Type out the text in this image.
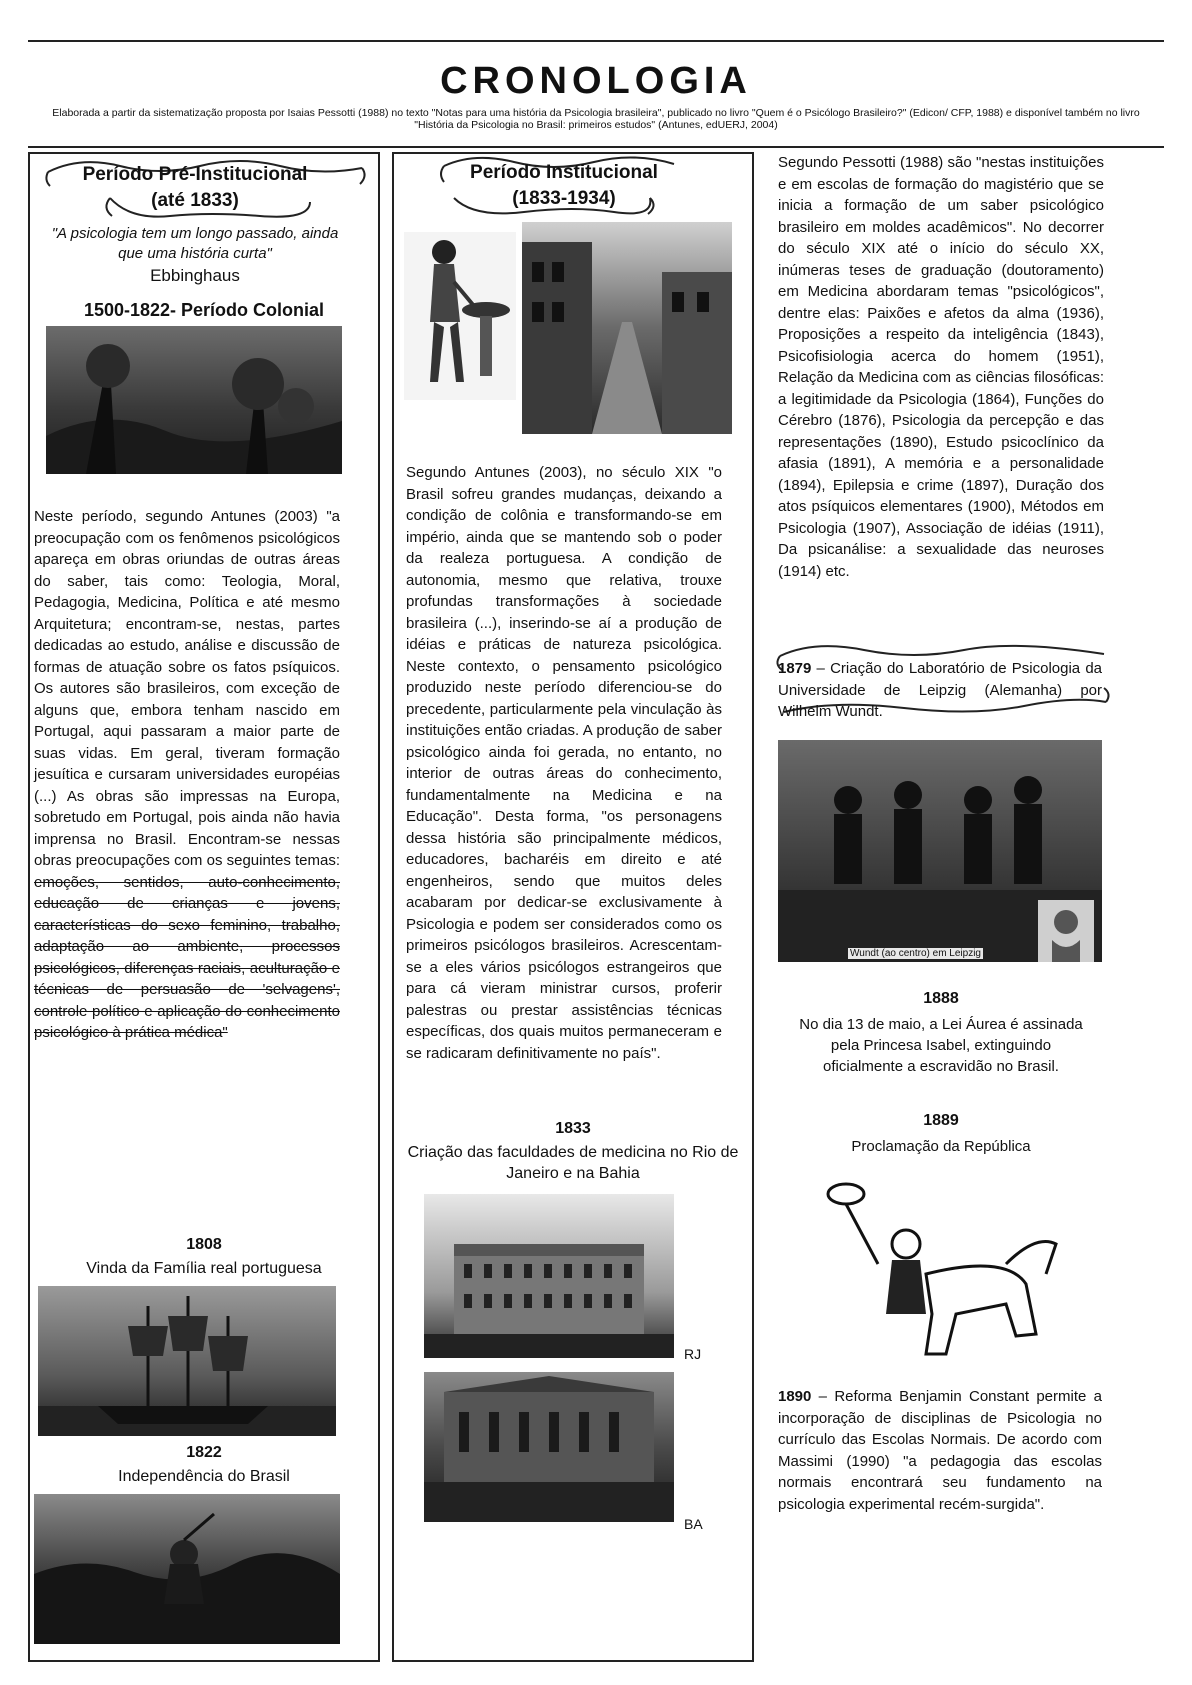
CRONOLOGIA
Elaborada a partir da sistematização proposta por Isaias Pessotti (1988) no texto "Notas para uma história da Psicologia brasileira", publicado no livro "Quem é o Psicólogo Brasileiro?" (Edicon/ CFP, 1988) e disponível também no livro "História da Psicologia no Brasil: primeiros estudos" (Antunes, edUERJ, 2004)
Período Pré-Institucional
(até 1833)
"A psicologia tem um longo passado, ainda que uma história curta"
Ebbinghaus
1500-1822- Período Colonial
Neste período, segundo Antunes (2003) "a preocupação com os fenômenos psicológicos apareça em obras oriundas de outras áreas do saber, tais como: Teologia, Moral, Pedagogia, Medicina, Política e até mesmo Arquitetura; encontram-se, nestas, partes dedicadas ao estudo, análise e discussão de formas de atuação sobre os fatos psíquicos. Os autores são brasileiros, com exceção de alguns que, embora tenham nascido em Portugal, aqui passaram a maior parte de suas vidas. Em geral, tiveram formação jesuítica e cursaram universidades européias (...) As obras são impressas na Europa, sobretudo em Portugal, pois ainda não havia imprensa no Brasil. Encontram-se nessas obras preocupações com os seguintes temas: emoções, sentidos, auto-conhecimento, educação de crianças e jovens, características do sexo feminino, trabalho, adaptação ao ambiente, processos psicológicos, diferenças raciais, aculturação e técnicas de persuasão de 'selvagens', controle político e aplicação do conhecimento psicológico à prática médica"
1808
Vinda da Família real portuguesa
1822
Independência do Brasil
Período Institucional
(1833-1934)
Segundo Antunes (2003), no século XIX "o Brasil sofreu grandes mudanças, deixando a condição de colônia e transformando-se em império, ainda que se mantendo sob o poder da realeza portuguesa. A condição de autonomia, mesmo que relativa, trouxe profundas transformações à sociedade brasileira (...), inserindo-se aí a produção de idéias e práticas de natureza psicológica. Neste contexto, o pensamento psicológico produzido neste período diferenciou-se do precedente, particularmente pela vinculação às instituições então criadas. A produção de saber psicológico ainda foi gerada, no entanto, no interior de outras áreas do conhecimento, fundamentalmente na Medicina e na Educação". Desta forma, "os personagens dessa história são principalmente médicos, educadores, bacharéis em direito e até engenheiros, sendo que muitos deles acabaram por dedicar-se exclusivamente à Psicologia e podem ser considerados como os primeiros psicólogos brasileiros. Acrescentam-se a eles vários psicólogos estrangeiros que para cá vieram ministrar cursos, proferir palestras ou prestar assistências técnicas específicas, dos quais muitos permaneceram e se radicaram definitivamente no país".
1833
Criação das faculdades de medicina no Rio de Janeiro e na Bahia
RJ
BA
Segundo Pessotti (1988) são "nestas instituições e em escolas de formação do magistério que se inicia a formação de um saber psicológico brasileiro em moldes acadêmicos". No decorrer do século XIX até o início do século XX, inúmeras teses de graduação (doutoramento) em Medicina abordaram temas "psicológicos", dentre elas: Paixões e afetos da alma (1936), Proposições a respeito da inteligência (1843), Psicofisiologia acerca do homem (1951), Relação da Medicina com as ciências filosóficas: a legitimidade da Psicologia (1864), Funções do Cérebro (1876), Psicologia da percepção e das representações (1890), Estudo psicoclínico da afasia (1891), A memória e a personalidade (1894), Epilepsia e crime (1897), Duração dos atos psíquicos elementares (1900), Métodos em Psicologia (1907), Associação de idéias (1911), Da psicanálise: a sexualidade das neuroses (1914) etc.
1879 – Criação do Laboratório de Psicologia da Universidade de Leipzig (Alemanha) por Wilhelm Wundt.
Wundt (ao centro) em Leipzig
1888
No dia 13 de maio, a Lei Áurea é assinada pela Princesa Isabel, extinguindo oficialmente a escravidão no Brasil.
1889
Proclamação da República
1890 – Reforma Benjamin Constant permite a incorporação de disciplinas de Psicologia no currículo das Escolas Normais. De acordo com Massimi (1990) "a pedagogia das escolas normais encontrará seu fundamento na psicologia experimental recém-surgida".
